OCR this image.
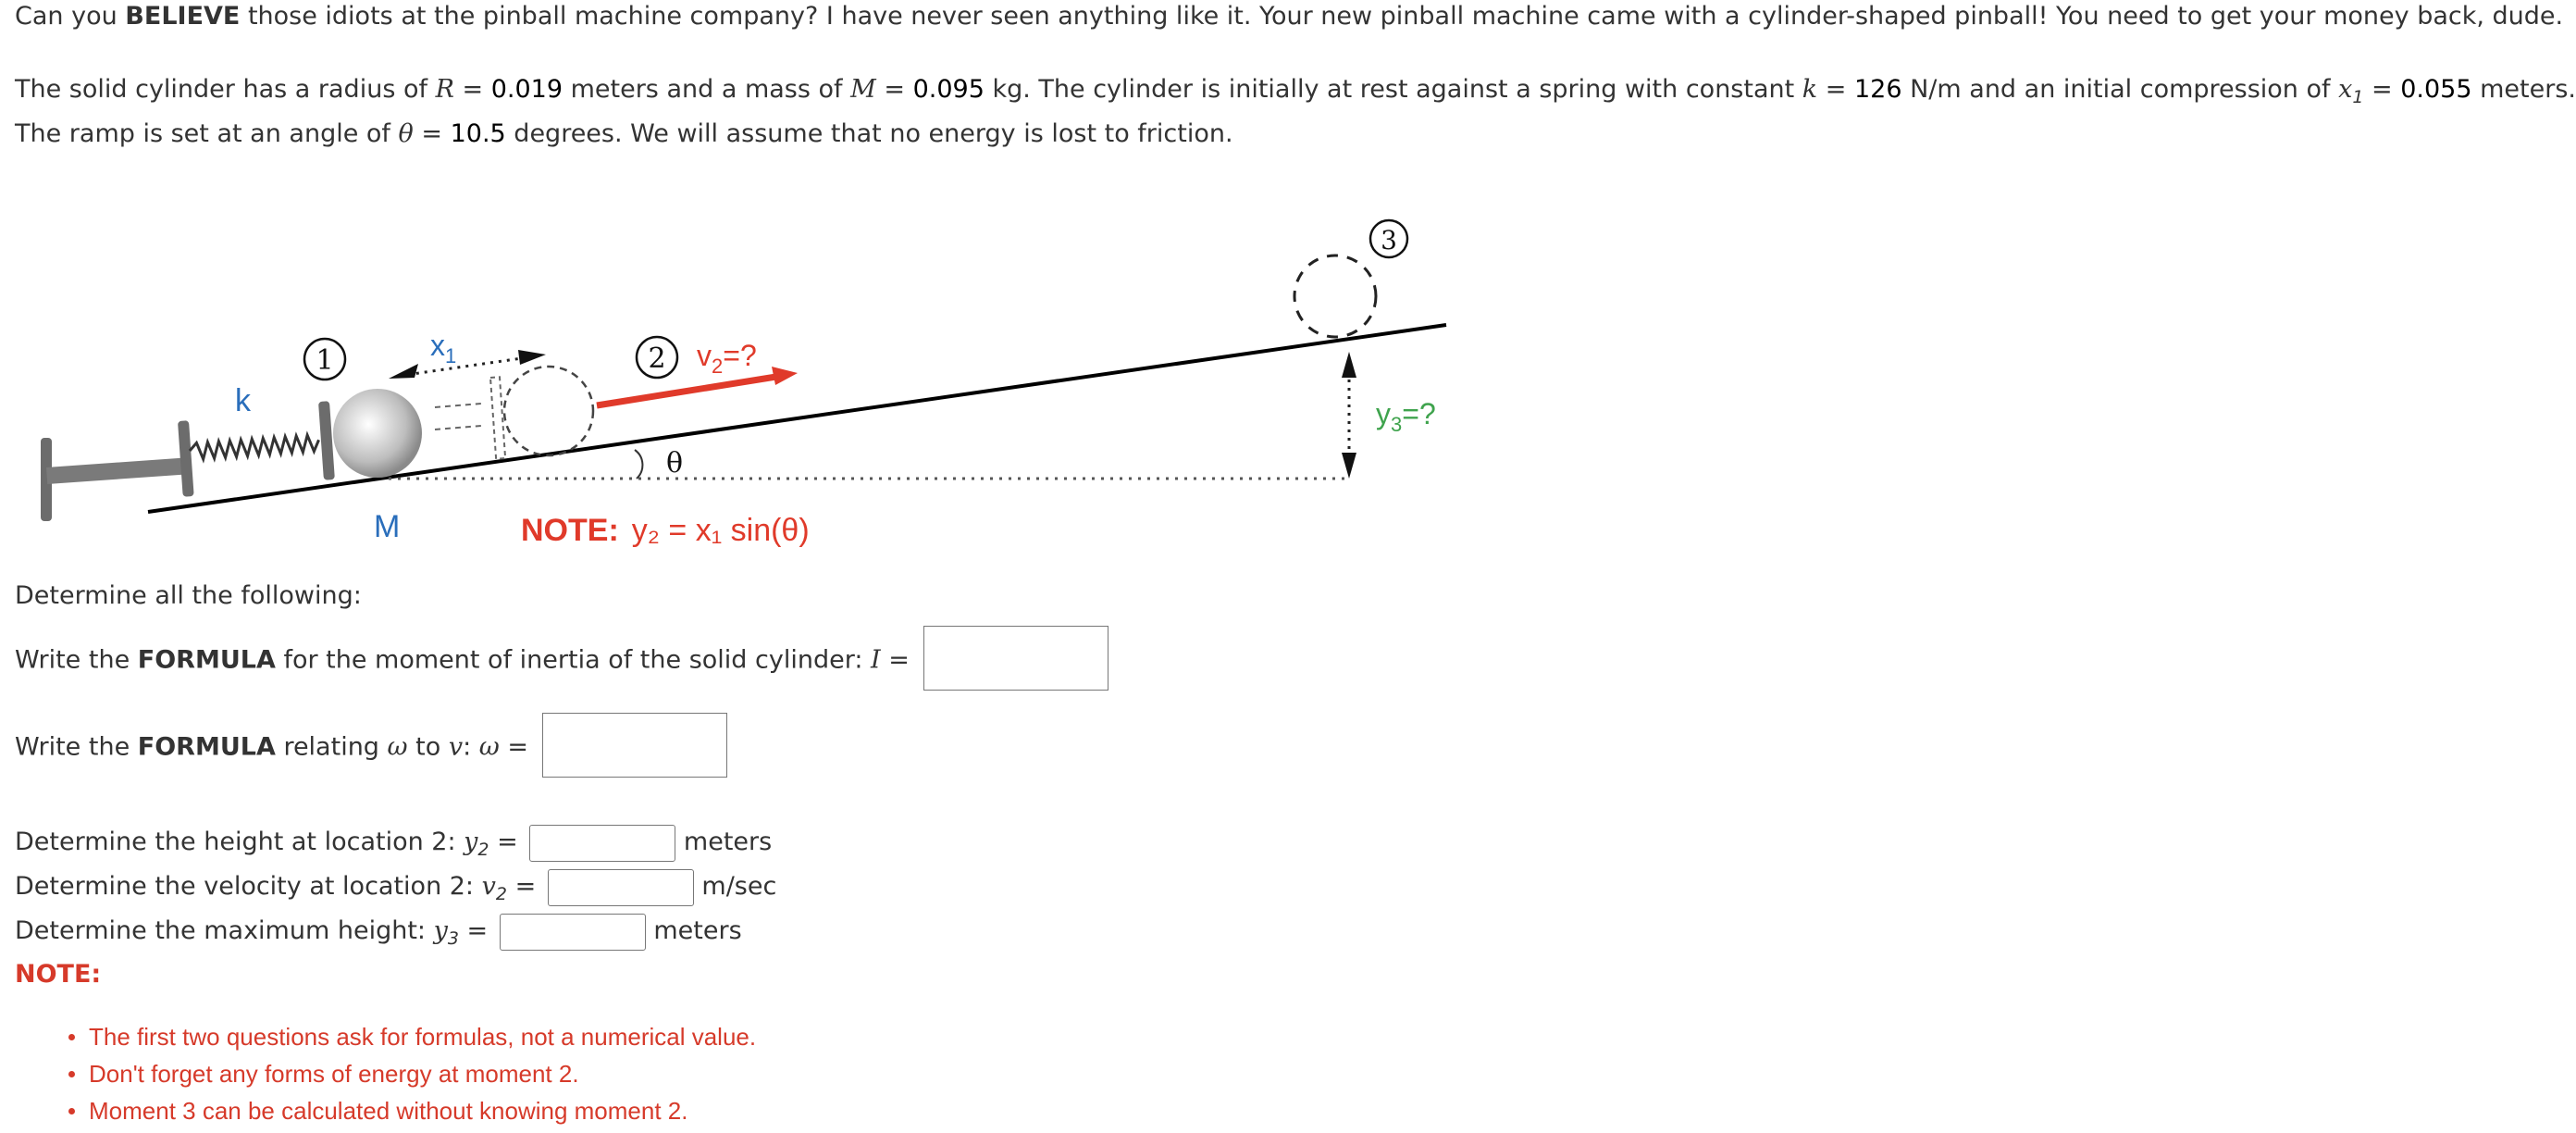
Can you BELIEVE those idiots at the pinball machine company? I have never seen anything like it. Your new pinball machine came with a cylinder-shaped pinball! You need to get your money back, dude.

The solid cylinder has a radius of R = 0.019 meters and a mass of M = 0.095 kg. The cylinder is initially at rest against a spring with constant k = 126 N/m and an initial compression of $x_1 = 0.055$ meters.

The ramp is set at an angle of θ = 10.5 degrees. We will assume that no energy is lost to friction.

$x_1$
k
M
1	2 $v_2=$?
θ
NOTE: y₂ = x₁ sin(θ)
3
$y_3=$?

Determine all the following:

Write the FORMULA for the moment of inertia of the solid cylinder: I =

Write the FORMULA relating ω to v: ω =

Determine the height at location 2: $y_2$ =	meters

Determine the velocity at location 2: $v_2$ =	m/sec

Determine the maximum height: $y_3$ =	meters

NOTE:

The first two questions ask for formulas, not a numerical value.
Don't forget any forms of energy at moment 2.
Moment 3 can be calculated without knowing moment 2.
